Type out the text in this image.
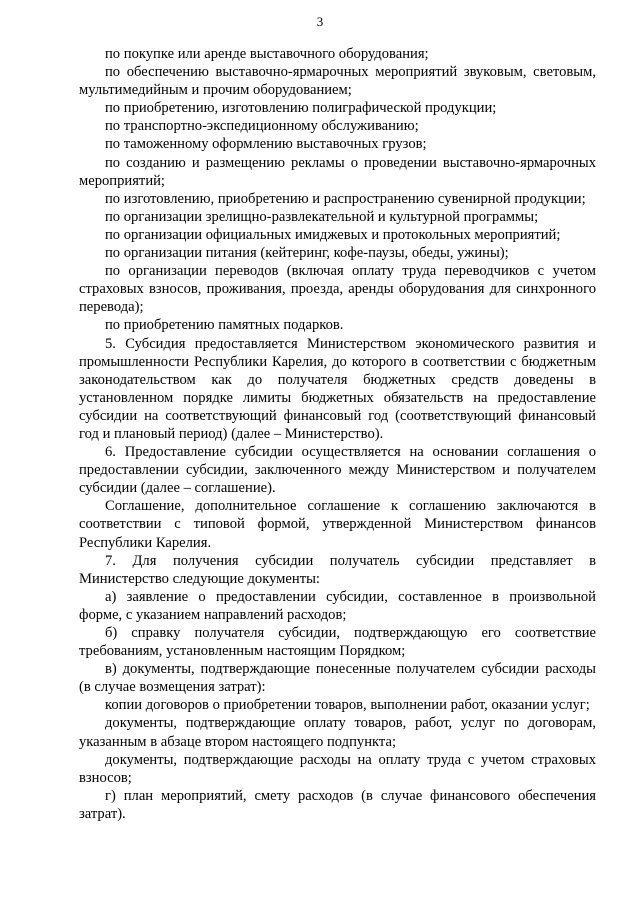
3

по покупке или аренде выставочного оборудования;

по обеспечению выставочно-ярмарочных мероприятий звуковым, световым, мультимедийным и прочим оборудованием;

по приобретению, изготовлению полиграфической продукции;

по транспортно-экспедиционному обслуживанию;

по таможенному оформлению выставочных грузов;

по созданию и размещению рекламы о проведении выставочно-ярмарочных мероприятий;

по изготовлению, приобретению и распространению сувенирной продукции;

по организации зрелищно-развлекательной и культурной программы;

по организации официальных имиджевых и протокольных мероприятий;

по организации питания (кейтеринг, кофе-паузы, обеды, ужины);

по организации переводов (включая оплату труда переводчиков с учетом страховых взносов, проживания, проезда, аренды оборудования для синхронного перевода);

по приобретению памятных подарков.

5. Субсидия предоставляется Министерством экономического развития и промышленности Республики Карелия, до которого в соответствии с бюджетным законодательством как до получателя бюджетных средств доведены в установленном порядке лимиты бюджетных обязательств на предоставление субсидии на соответствующий финансовый год (соответствующий финансовый год и плановый период) (далее – Министерство).

6. Предоставление субсидии осуществляется на основании соглашения о предоставлении субсидии, заключенного между Министерством и получателем субсидии (далее – соглашение).

Соглашение, дополнительное соглашение к соглашению заключаются в соответствии с типовой формой, утвержденной Министерством финансов Республики Карелия.

7. Для получения субсидии получатель субсидии представляет в Министерство следующие документы:

а) заявление о предоставлении субсидии, составленное в произвольной форме, с указанием направлений расходов;

б) справку получателя субсидии, подтверждающую его соответствие требованиям, установленным настоящим Порядком;

в) документы, подтверждающие понесенные получателем субсидии расходы (в случае возмещения затрат):

копии договоров о приобретении товаров, выполнении работ, оказании услуг;

документы, подтверждающие оплату товаров, работ, услуг по договорам, указанным в абзаце втором настоящего подпункта;

документы, подтверждающие расходы на оплату труда с учетом страховых взносов;

г) план мероприятий, смету расходов (в случае финансового обеспечения затрат).
